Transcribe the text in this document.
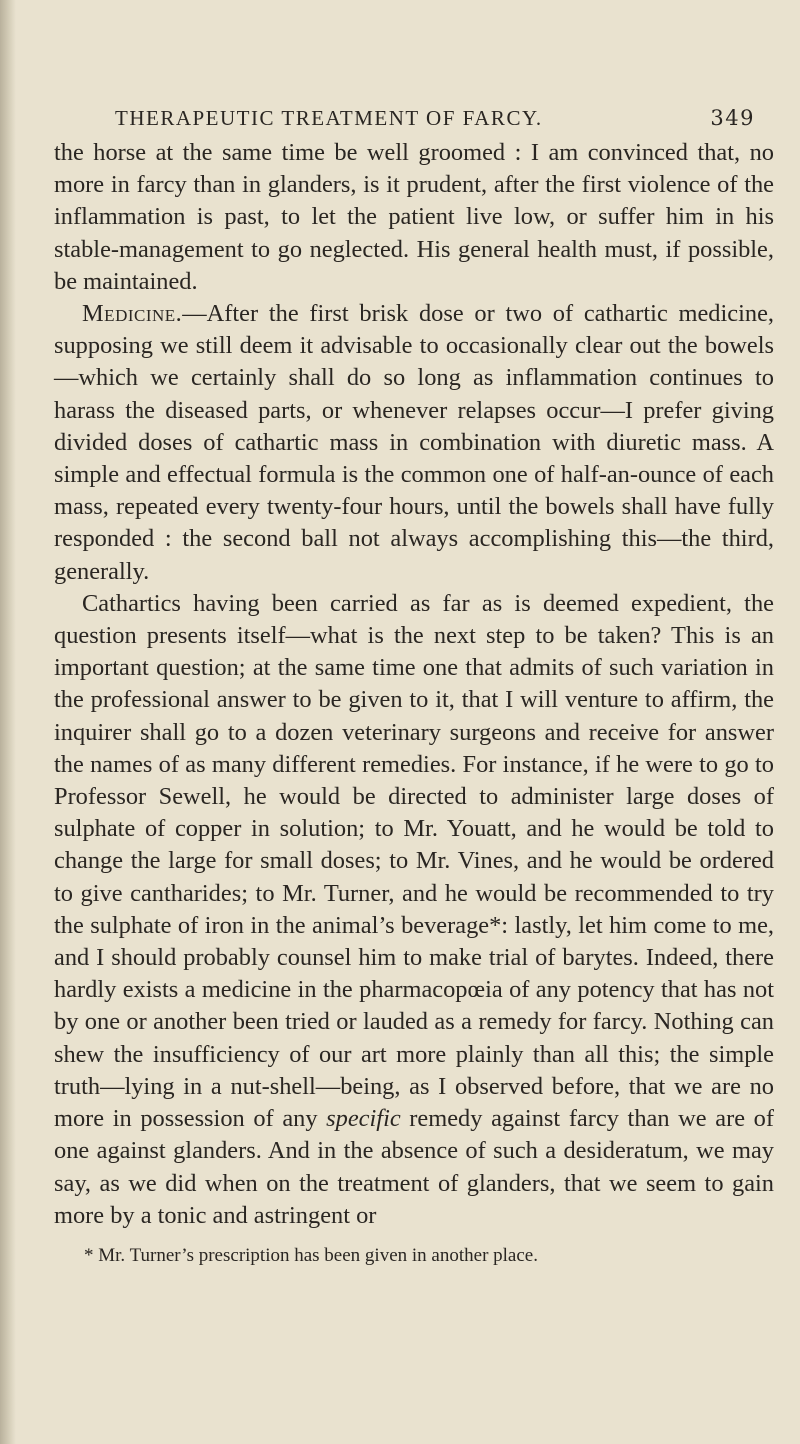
THERAPEUTIC TREATMENT OF FARCY.	349

the horse at the same time be well groomed : I am convinced that, no more in farcy than in glanders, is it prudent, after the first violence of the inflammation is past, to let the patient live low, or suffer him in his stable-management to go neglected. His general health must, if possible, be maintained.

Medicine.—After the first brisk dose or two of cathartic medicine, supposing we still deem it advisable to occasionally clear out the bowels—which we certainly shall do so long as inflammation continues to harass the diseased parts, or whenever relapses occur—I prefer giving divided doses of cathartic mass in combination with diuretic mass. A simple and effectual formula is the common one of half-an-ounce of each mass, repeated every twenty-four hours, until the bowels shall have fully responded : the second ball not always accomplishing this—the third, generally.

Cathartics having been carried as far as is deemed expedient, the question presents itself—what is the next step to be taken? This is an important question; at the same time one that admits of such variation in the professional answer to be given to it, that I will venture to affirm, the inquirer shall go to a dozen veterinary surgeons and receive for answer the names of as many different remedies. For instance, if he were to go to Professor Sewell, he would be directed to administer large doses of sulphate of copper in solution; to Mr. Youatt, and he would be told to change the large for small doses; to Mr. Vines, and he would be ordered to give cantharides; to Mr. Turner, and he would be recommended to try the sulphate of iron in the animal’s beverage*: lastly, let him come to me, and I should probably counsel him to make trial of barytes. Indeed, there hardly exists a medicine in the pharmacopœia of any potency that has not by one or another been tried or lauded as a remedy for farcy. Nothing can shew the insufficiency of our art more plainly than all this; the simple truth—lying in a nut-shell—being, as I observed before, that we are no more in possession of any specific remedy against farcy than we are of one against glanders. And in the absence of such a desideratum, we may say, as we did when on the treatment of glanders, that we seem to gain more by a tonic and astringent or

* Mr. Turner’s prescription has been given in another place.
